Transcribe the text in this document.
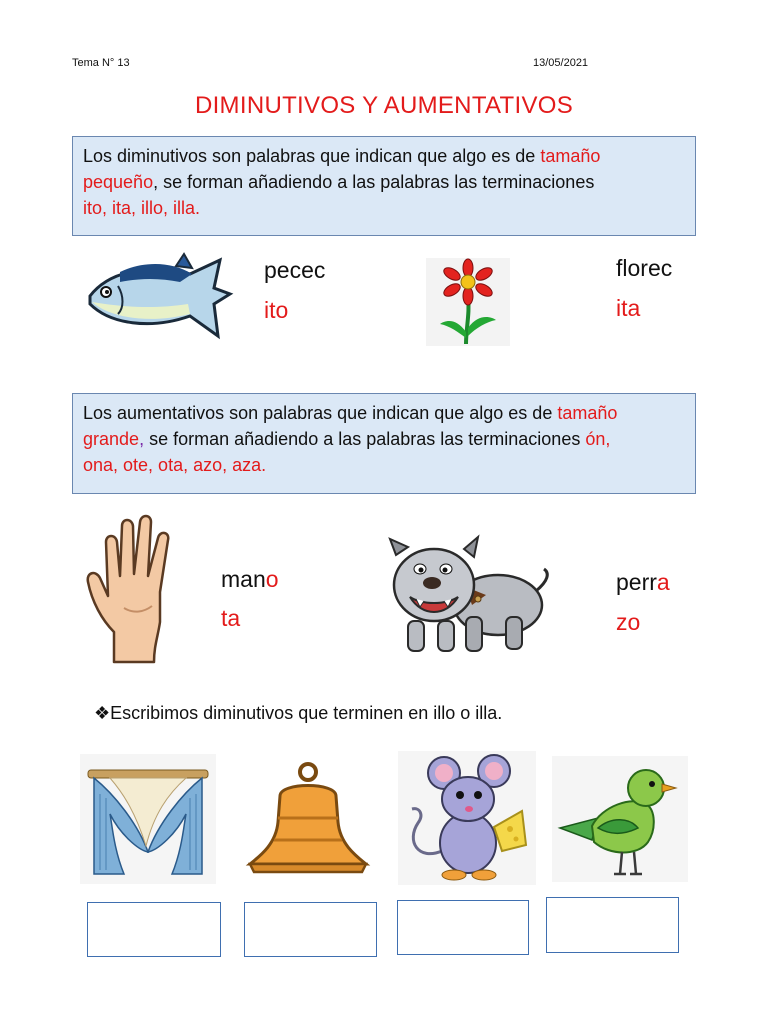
Tema N° 13	13/05/2021
DIMINUTIVOS Y AUMENTATIVOS
Los diminutivos son palabras que indican que algo es de tamaño
pequeño, se forman añadiendo a las palabras las terminaciones
ito, ita, illo, illa.
pecec
ito
florec
ita
Los aumentativos son palabras que indican que algo es de tamaño
grande, se forman añadiendo a las palabras las terminaciones ón,
ona, ote, ota, azo, aza.
mano
ta
perra
zo
❖Escribimos diminutivos que terminen en illo o illa.
